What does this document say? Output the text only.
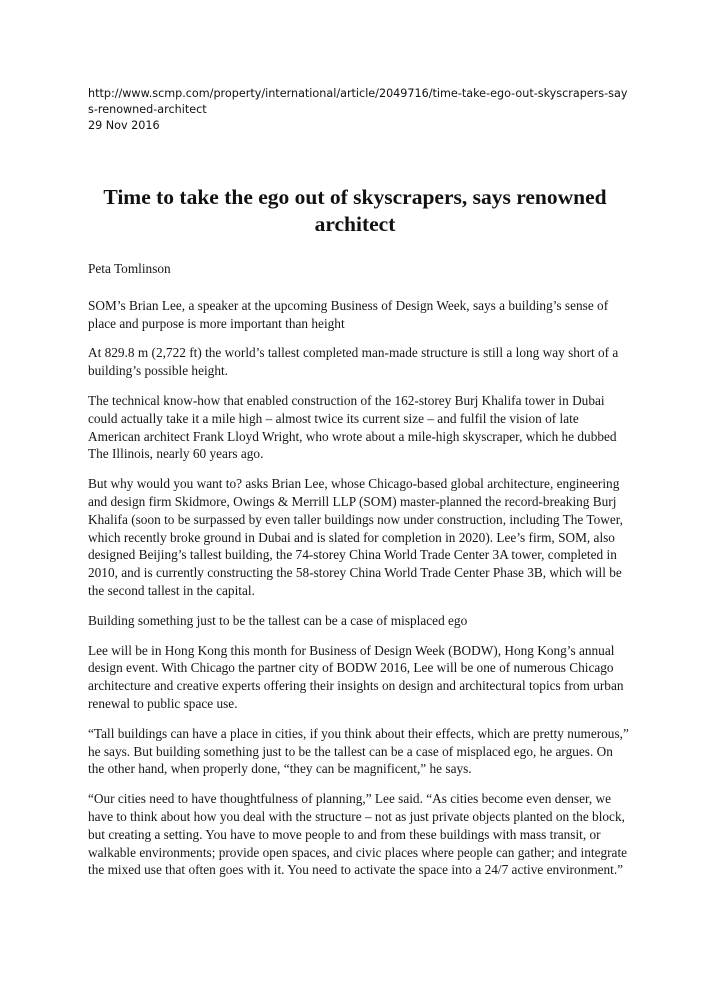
http://www.scmp.com/property/international/article/2049716/time-take-ego-out-skyscrapers-says-renowned-architect
29 Nov 2016
Time to take the ego out of skyscrapers, says renowned architect

Peta Tomlinson

SOM’s Brian Lee, a speaker at the upcoming Business of Design Week, says a building’s sense of place and purpose is more important than height

At 829.8 m (2,722 ft) the world’s tallest completed man-made structure is still a long way short of a building’s possible height.

The technical know-how that enabled construction of the 162-storey Burj Khalifa tower in Dubai could actually take it a mile high – almost twice its current size – and fulfil the vision of late American architect Frank Lloyd Wright, who wrote about a mile-high skyscraper, which he dubbed The Illinois, nearly 60 years ago.

But why would you want to? asks Brian Lee, whose Chicago-based global architecture, engineering and design firm Skidmore, Owings & Merrill LLP (SOM) master-planned the record-breaking Burj Khalifa (soon to be surpassed by even taller buildings now under construction, including The Tower, which recently broke ground in Dubai and is slated for completion in 2020). Lee’s firm, SOM, also designed Beijing’s tallest building, the 74-storey China World Trade Center 3A tower, completed in 2010, and is currently constructing the 58-storey China World Trade Center Phase 3B, which will be the second tallest in the capital.

Building something just to be the tallest can be a case of misplaced ego

Lee will be in Hong Kong this month for Business of Design Week (BODW), Hong Kong’s annual design event. With Chicago the partner city of BODW 2016, Lee will be one of numerous Chicago architecture and creative experts offering their insights on design and architectural topics from urban renewal to public space use.

“Tall buildings can have a place in cities, if you think about their effects, which are pretty numerous,” he says. But building something just to be the tallest can be a case of misplaced ego, he argues. On the other hand, when properly done, “they can be magnificent,” he says.

“Our cities need to have thoughtfulness of planning,” Lee said. “As cities become even denser, we have to think about how you deal with the structure – not as just private objects planted on the block, but creating a setting. You have to move people to and from these buildings with mass transit, or walkable environments; provide open spaces, and civic places where people can gather; and integrate the mixed use that often goes with it. You need to activate the space into a 24/7 active environment.”
